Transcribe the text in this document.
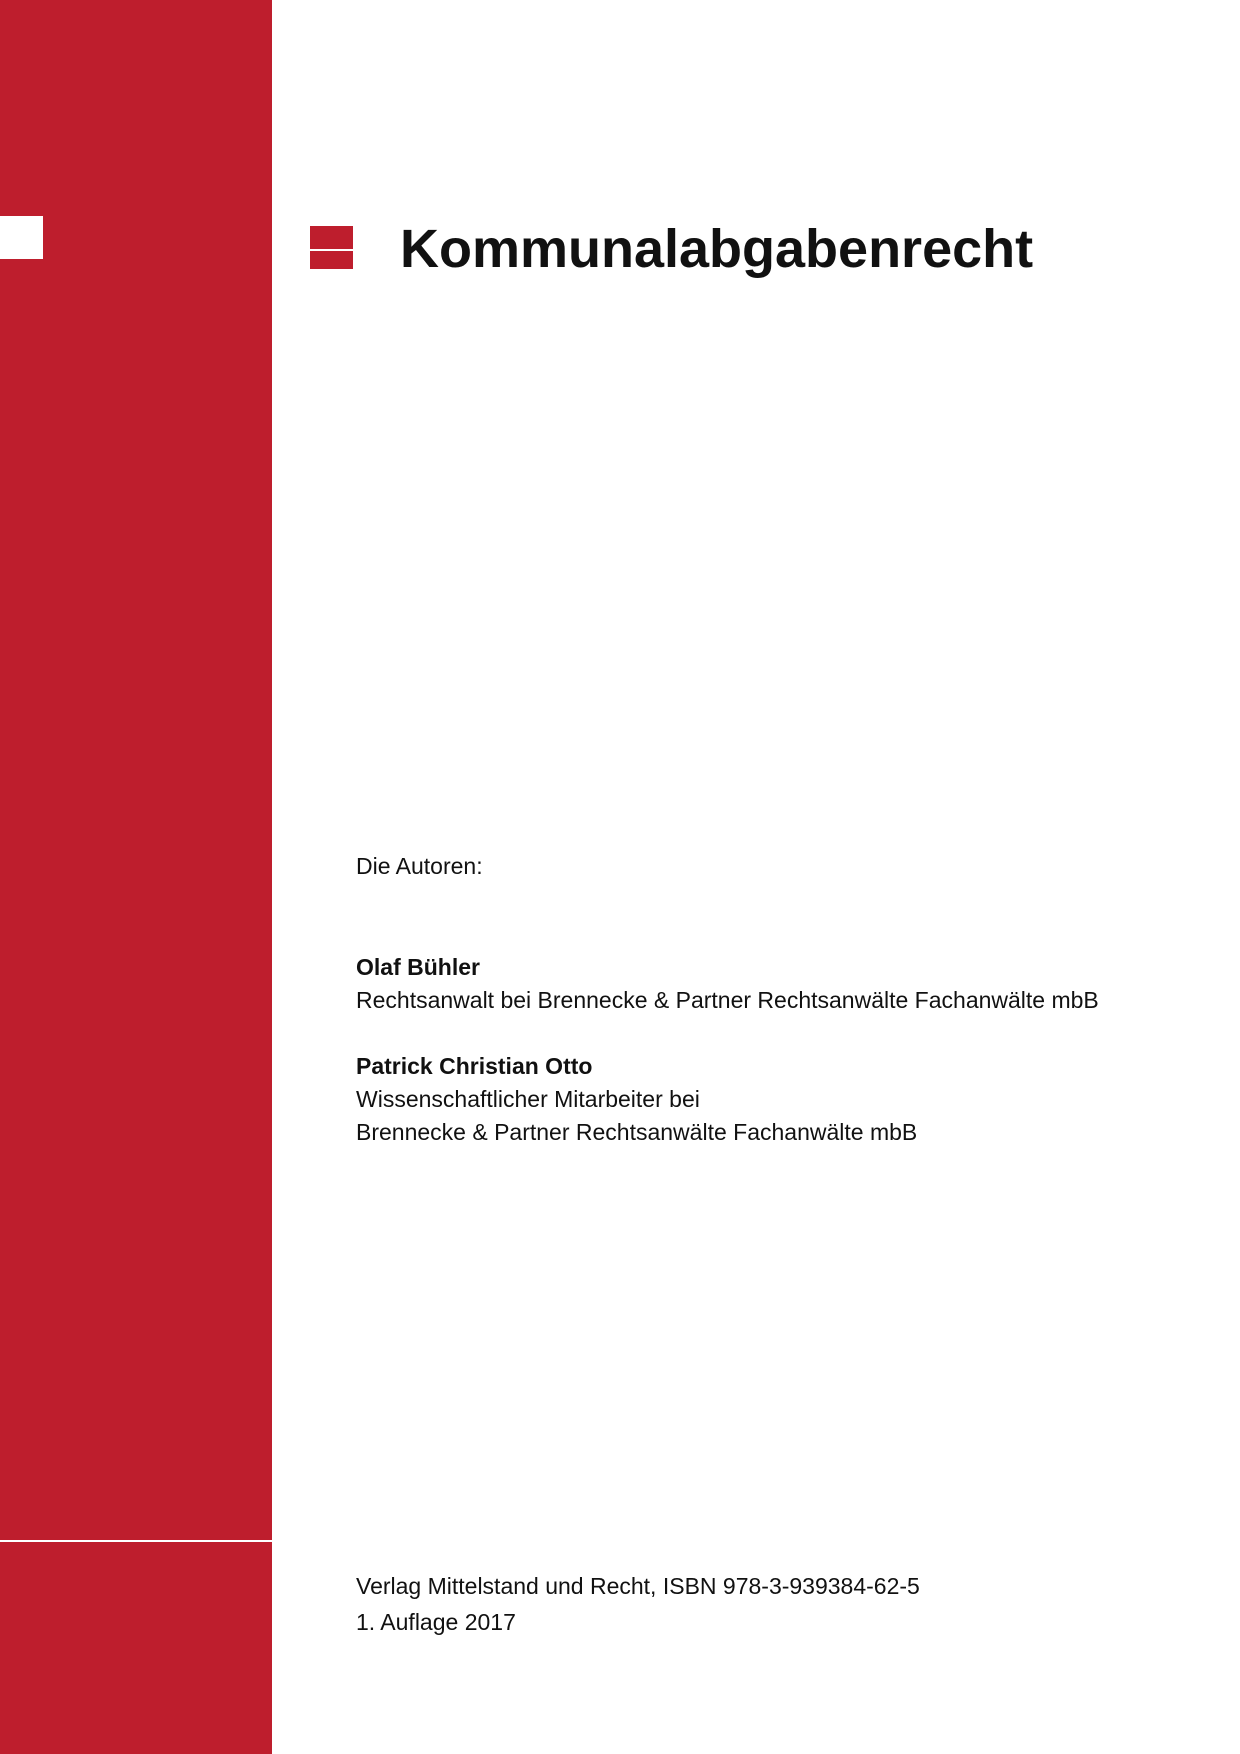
Kommunalabgabenrecht

Die Autoren:

Olaf Bühler
Rechtsanwalt bei Brennecke & Partner Rechtsanwälte Fachanwälte mbB
Patrick Christian Otto
Wissenschaftlicher Mitarbeiter bei
Brennecke & Partner Rechtsanwälte Fachanwälte mbB

Verlag Mittelstand und Recht, ISBN 978-3-939384-62-5

1. Auflage 2017
